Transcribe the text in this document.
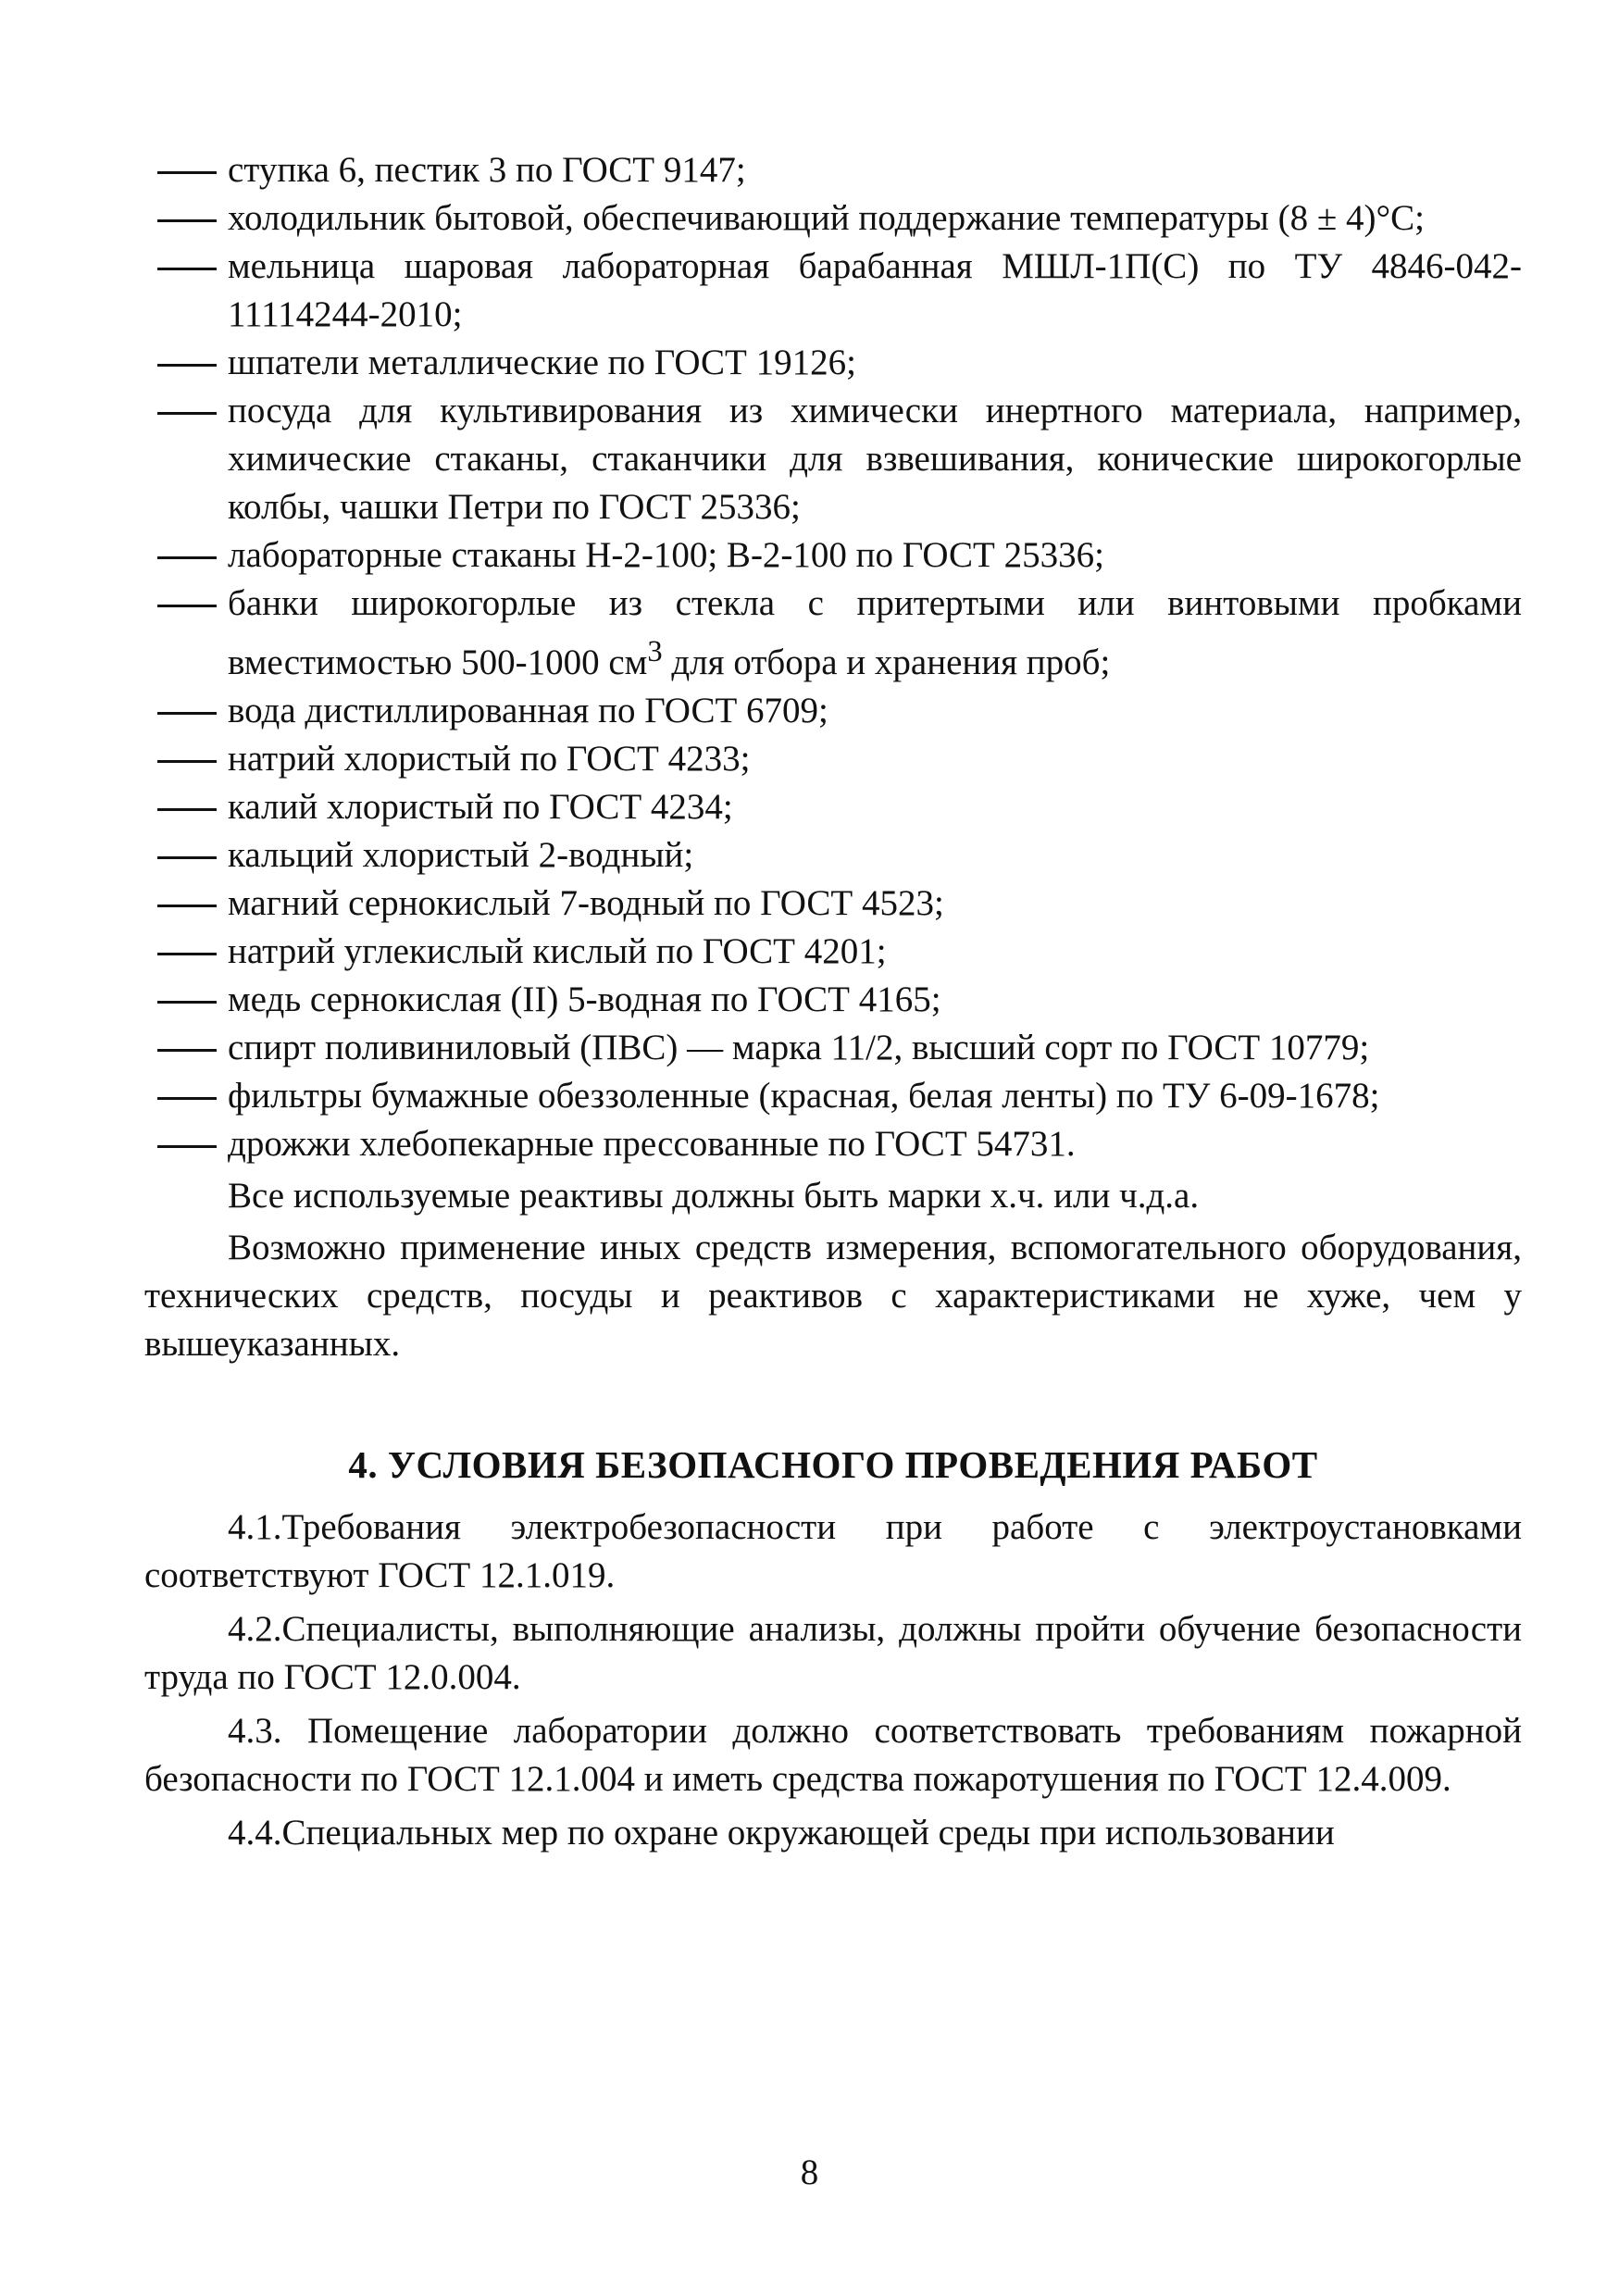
ступка 6, пестик 3 по ГОСТ 9147;
холодильник бытовой, обеспечивающий поддержание температуры (8 ± 4)°С;
мельница шаровая лабораторная барабанная МШЛ-1П(С) по ТУ 4846-042-11114244-2010;
шпатели металлические по ГОСТ 19126;
посуда для культивирования из химически инертного материала, например, химические стаканы, стаканчики для взвешивания, конические широкогорлые колбы, чашки Петри по ГОСТ 25336;
лабораторные стаканы Н-2-100; В-2-100 по ГОСТ 25336;
банки широкогорлые из стекла с притертыми или винтовыми пробками вместимостью 500-1000 $см^3$ для отбора и хранения проб;
вода дистиллированная по ГОСТ 6709;
натрий хлористый по ГОСТ 4233;
калий хлористый по ГОСТ 4234;
кальций хлористый 2-водный;
магний сернокислый 7-водный по ГОСТ 4523;
натрий углекислый кислый по ГОСТ 4201;
медь сернокислая (II) 5-водная по ГОСТ 4165;
спирт поливиниловый (ПВС) — марка 11/2, высший сорт по ГОСТ 10779;
фильтры бумажные обеззоленные (красная, белая ленты) по ТУ 6-09-1678;
дрожжи хлебопекарные прессованные по ГОСТ 54731.

Все используемые реактивы должны быть марки х.ч. или ч.д.а.

Возможно применение иных средств измерения, вспомогательного оборудования, технических средств, посуды и реактивов с характеристиками не хуже, чем у вышеуказанных.

4. УСЛОВИЯ БЕЗОПАСНОГО ПРОВЕДЕНИЯ РАБОТ

4.1.Требования электробезопасности при работе с электроустановками соответствуют ГОСТ 12.1.019.

4.2.Специалисты, выполняющие анализы, должны пройти обучение безопасности труда по ГОСТ 12.0.004.

4.3. Помещение лаборатории должно соответствовать требованиям пожарной безопасности по ГОСТ 12.1.004 и иметь средства пожаротушения по ГОСТ 12.4.009.

4.4.Специальных мер по охране окружающей среды при использовании

8
